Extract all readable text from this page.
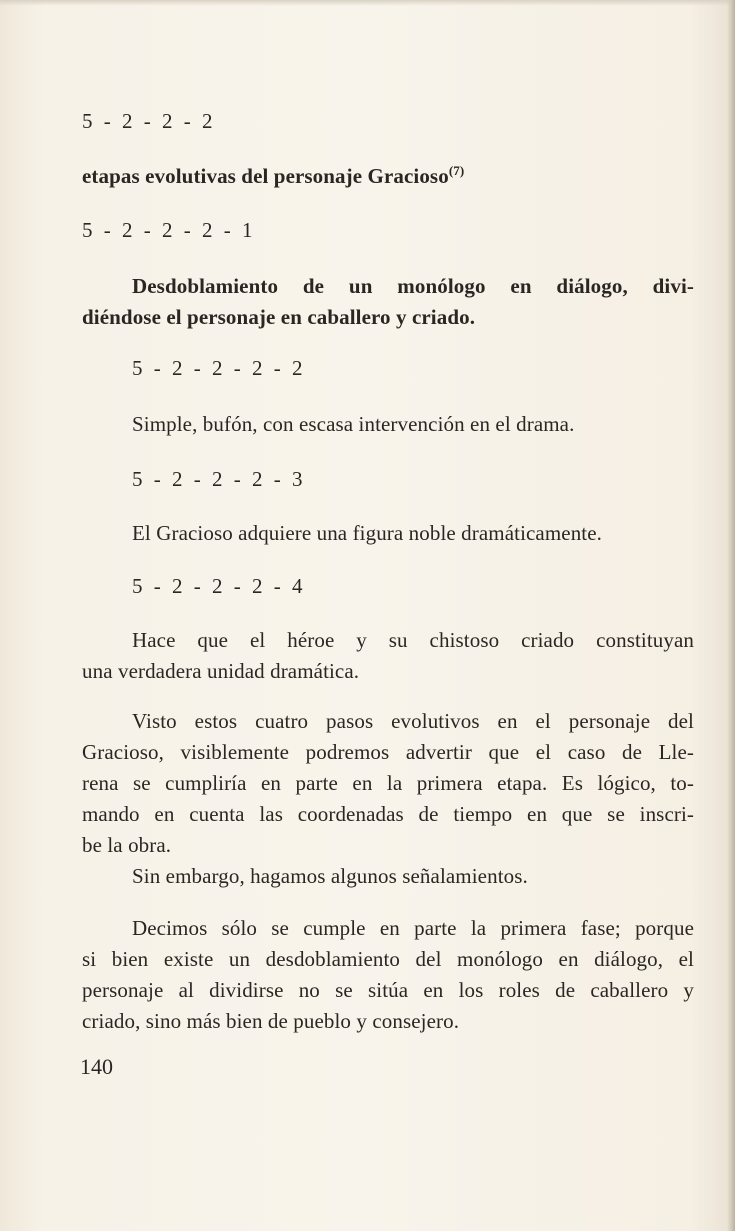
5 - 2 - 2 - 2
etapas evolutivas del personaje Gracioso$^{(7)}$
5 - 2 - 2 - 2 - 1
Desdoblamiento de un monólogo en diálogo, divi-
diéndose el personaje en caballero y criado.
5 - 2 - 2 - 2 - 2
Simple, bufón, con escasa intervención en el drama.
5 - 2 - 2 - 2 - 3
El Gracioso adquiere una figura noble dramáticamente.
5 - 2 - 2 - 2 - 4
Hace que el héroe y su chistoso criado constituyan
una verdadera unidad dramática.
Visto estos cuatro pasos evolutivos en el personaje del
Gracioso, visiblemente podremos advertir que el caso de Lle-
rena se cumpliría en parte en la primera etapa. Es lógico, to-
mando en cuenta las coordenadas de tiempo en que se inscri-
be la obra.
Sin embargo, hagamos algunos señalamientos.
Decimos sólo se cumple en parte la primera fase; porque
si bien existe un desdoblamiento del monólogo en diálogo, el
personaje al dividirse no se sitúa en los roles de caballero y
criado, sino más bien de pueblo y consejero.
140
